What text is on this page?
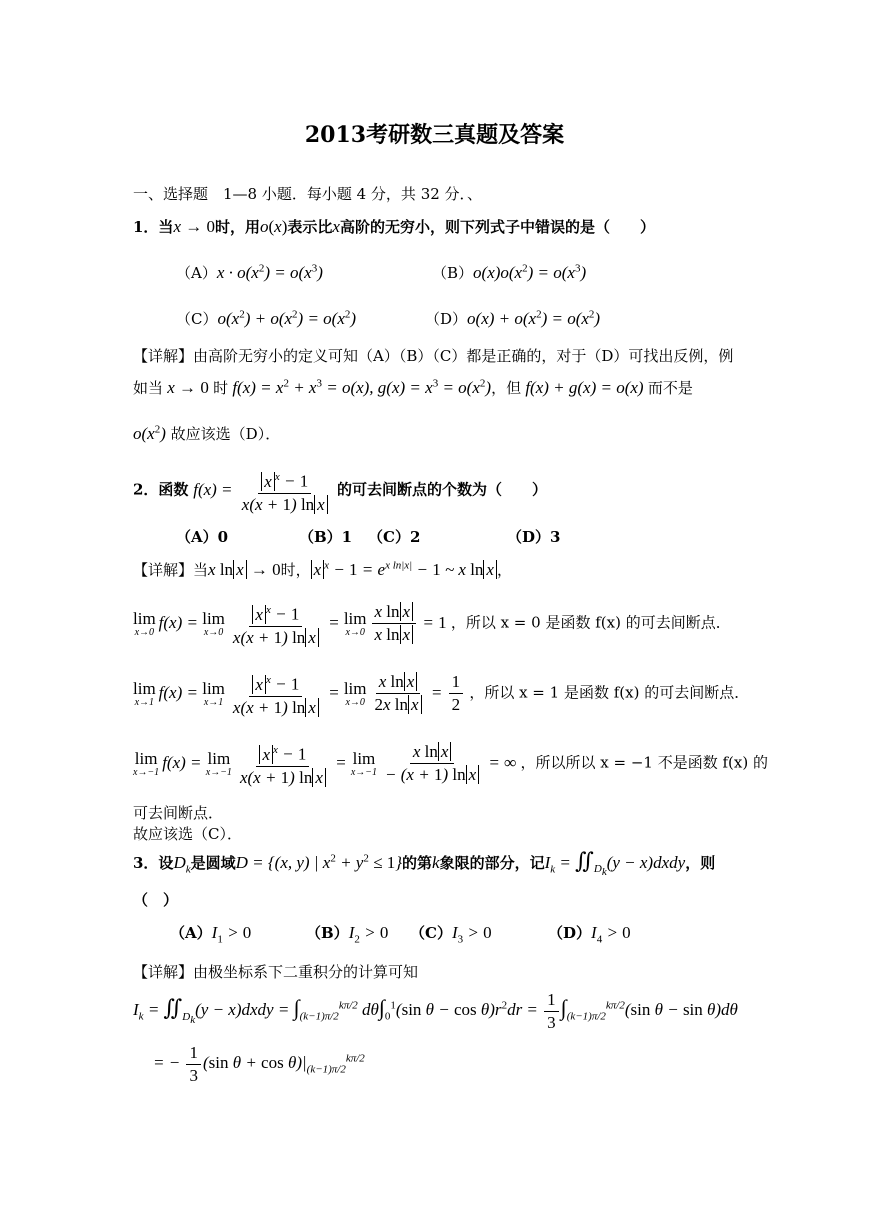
2013考研数三真题及答案
一、选择题　1—8 小题．每小题 4 分，共 32 分．、
1．当x → 0时，用o(x)表示比x高阶的无穷小，则下列式子中错误的是（　　）
$(A)x \cdot o(x^2) = o(x^3)$	$(B)o(x)o(x^2) = o(x^3)$
$(C)o(x^2) + o(x^2) = o(x^2)$	$(D)o(x) + o(x^2) = o(x^2)$
【详解】由高阶无穷小的定义可知（A）（B）（C）都是正确的，对于（D）可找出反例，例
如当 x → 0 时 $f(x) = x^2 + x^3 = o(x)$, $g(x) = x^3 = o(x^2)$，但 f(x) + g(x) = o(x) 而不是
$o(x^2)$ 故应该选（D）．
2．函数 $f(x) = \frac{x ^x - 1}{\text{x(x + 1) ln x}}$ 的可去间断点的个数为（　　）
（A）0	（B）1 （C）2	（D）3
【详解】当x ln x → 0时， x $^x - 1 = e^{x ln|x|} - 1$ ~ x ln x ，
lim
x→0
f(x) = lim
$x\to 0 \frac{x ^x - 1}{\text{x(x + 1) ln x}} = \lim$
$x\to 0 \frac{\text{x ln x}}{\text{x ln x}} = 1$ ，所以 x = 0 是函数 f(x) 的可去间断点．
lim
x→1
f(x) = lim
$x\to 1 \frac{x ^x - 1}{\text{x(x + 1) ln x}} = \lim$
$x\to 0 \frac{\text{x ln x}}{\text{2x ln x}} = \frac{1}{2}$ ，所以 x = 1 是函数 f(x) 的可去间断点．
lim
x→−1
f(x) = lim
$x\to-1 \frac{x ^x - 1}{\text{x(x + 1) ln x}} = \lim$
$x\to-1 \frac{\text{x ln x}}{\text{− (x + 1) ln x}}$ = ∞ ，所以所以 x = −1 不是函数 f(x) 的
可去间断点．
故应该选（C）．
3．设$D_k$是圆域D = {(x, y) | $x^2 + y^2 \le 1$}的第k象限的部分，记$I_k$ = $∬_{D_k}(y$ − x)dxdy，则
（　）
$(A)I_1 > 0$	$(B)I_2 > 0$ $(C)I_3 > 0$	$(D)I_4 > 0$
【详解】由极坐标系下二重积分的计算可知
$I_k$ = $∬_{D_k}(y$ − x)dxdy = $\int_{(k-1)\pi/2}^{k\pi/2}$ $d\theta\int_0^1(\sin$ $\theta - \cos \theta)r^2dr = \frac{1}{3} \int_{(k-1)\pi/2}^{k\pi/2}(\sin$ θ − sin θ)dθ
= − $\frac{1}{3} (\sin$ $\theta + \cos \theta)|_{(k-1)\pi/2}^{k\pi/2}$
